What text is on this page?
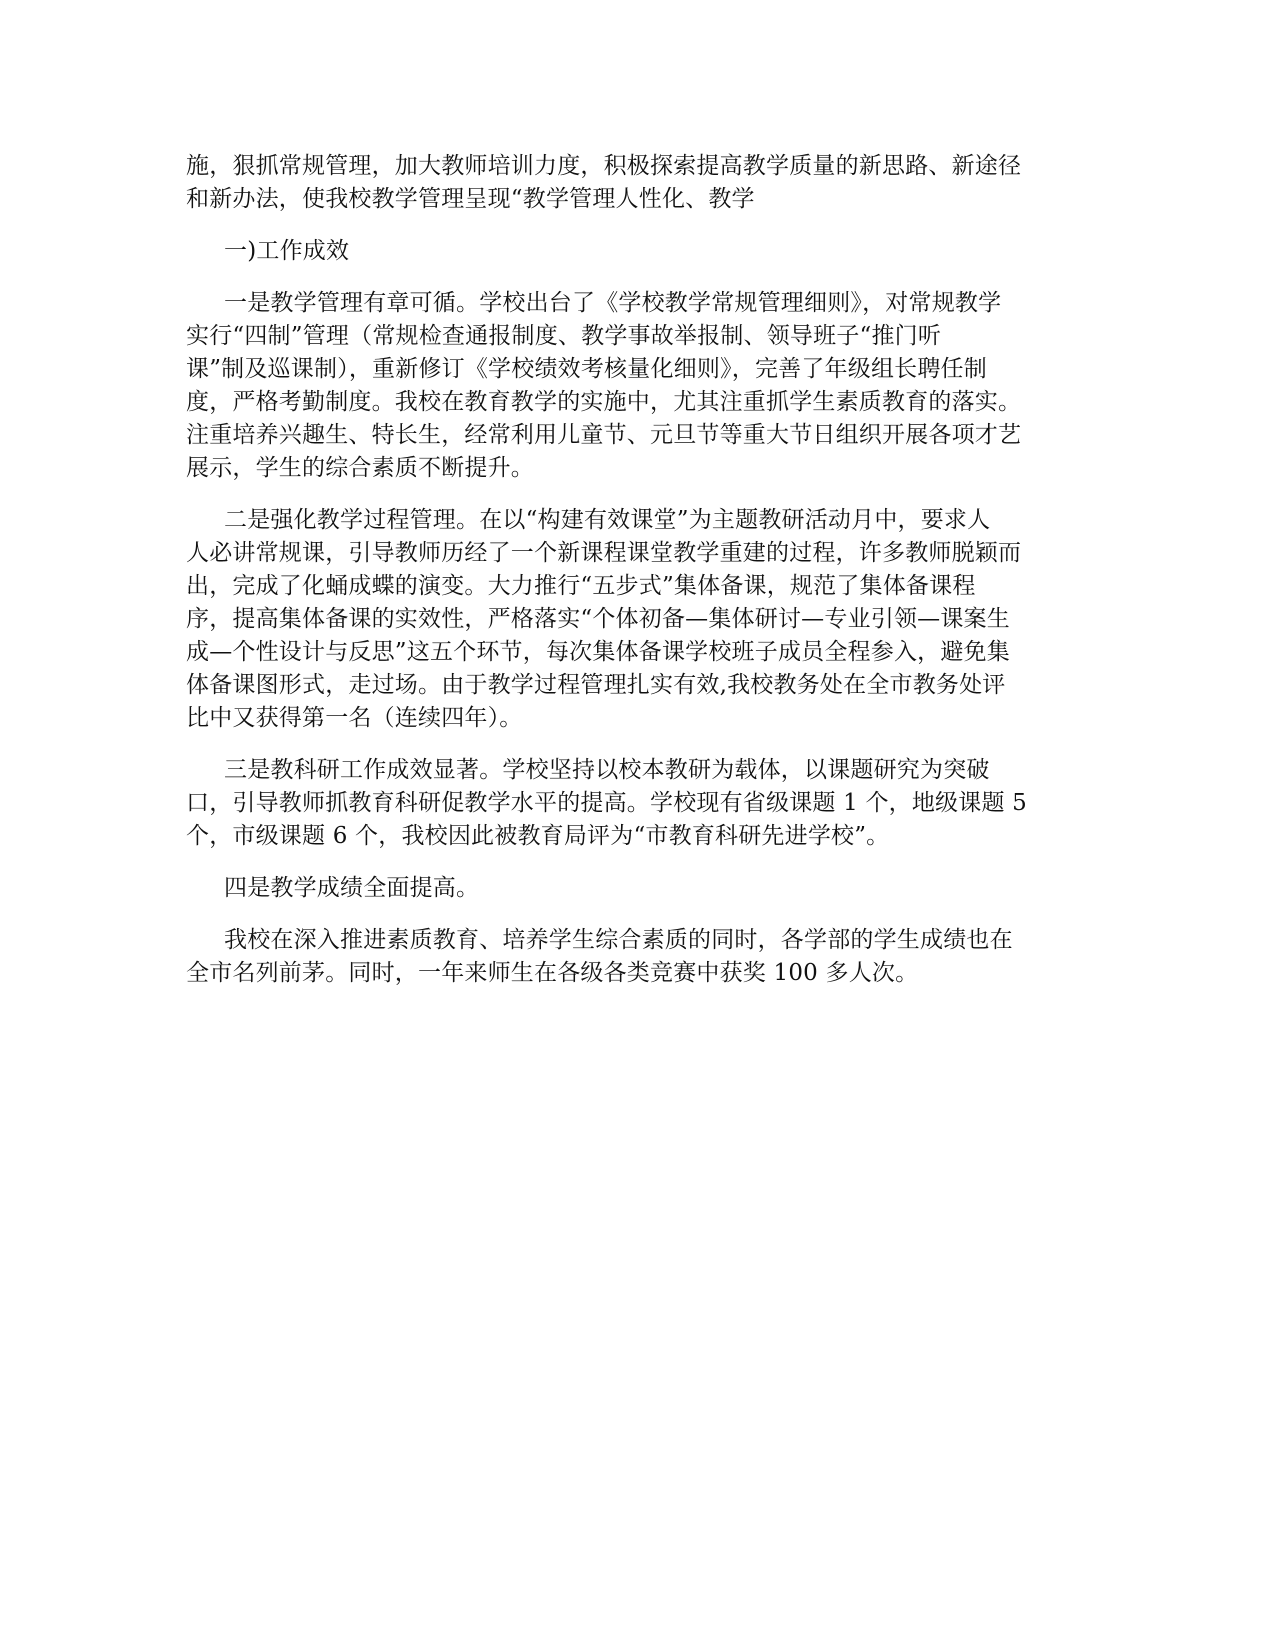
施，狠抓常规管理，加大教师培训力度，积极探索提高教学质量的新思路、新途径
和新办法，使我校教学管理呈现“教学管理人性化、教学

一)工作成效

一是教学管理有章可循。学校出台了《学校教学常规管理细则》，对常规教学
实行“四制”管理（常规检查通报制度、教学事故举报制、领导班子“推门听
课”制及巡课制），重新修订《学校绩效考核量化细则》，完善了年级组长聘任制
度，严格考勤制度。我校在教育教学的实施中，尤其注重抓学生素质教育的落实。
注重培养兴趣生、特长生，经常利用儿童节、元旦节等重大节日组织开展各项才艺
展示，学生的综合素质不断提升。

二是强化教学过程管理。在以“构建有效课堂”为主题教研活动月中，要求人
人必讲常规课，引导教师历经了一个新课程课堂教学重建的过程，许多教师脱颖而
出，完成了化蛹成蝶的演变。大力推行“五步式”集体备课，规范了集体备课程
序，提高集体备课的实效性，严格落实“个体初备—集体研讨—专业引领—课案生
成—个性设计与反思”这五个环节，每次集体备课学校班子成员全程参入，避免集
体备课图形式，走过场。由于教学过程管理扎实有效,我校教务处在全市教务处评
比中又获得第一名（连续四年）。

三是教科研工作成效显著。学校坚持以校本教研为载体，以课题研究为突破
口，引导教师抓教育科研促教学水平的提高。学校现有省级课题 1 个，地级课题 5
个，市级课题 6 个，我校因此被教育局评为“市教育科研先进学校”。

四是教学成绩全面提高。

我校在深入推进素质教育、培养学生综合素质的同时，各学部的学生成绩也在
全市名列前茅。同时，一年来师生在各级各类竞赛中获奖 100 多人次。
